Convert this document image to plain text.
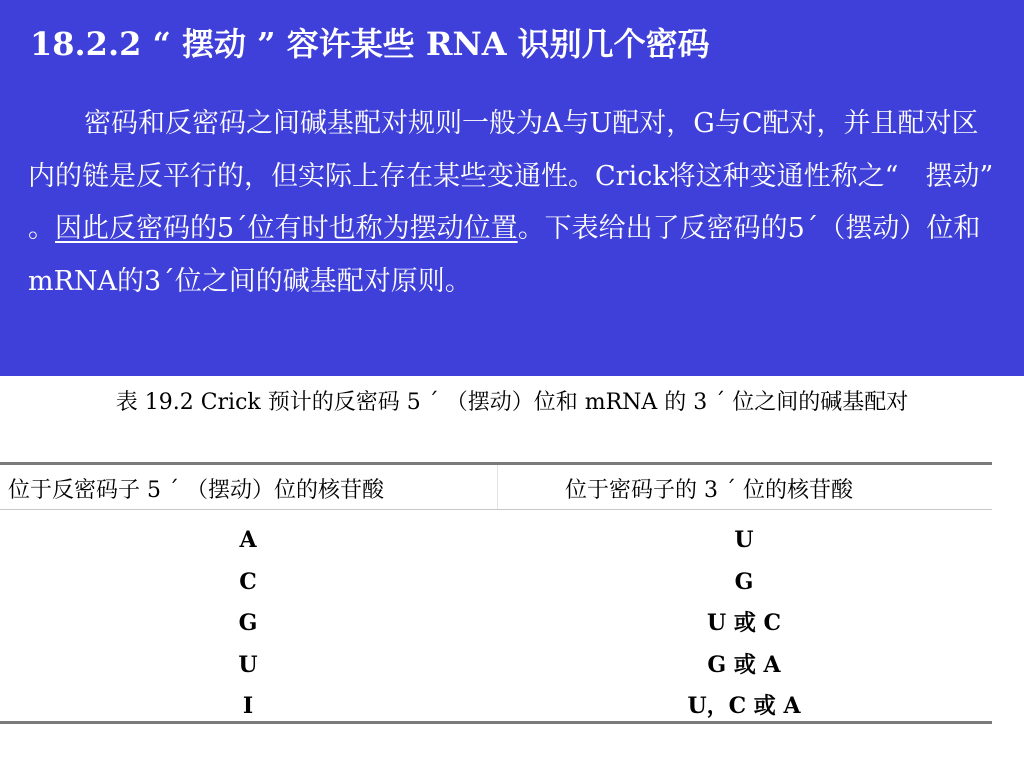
18.2.2 “ 摆动 ” 容许某些 RNA 识别几个密码
密码和反密码之间碱基配对规则一般为A与U配对，G与C配对，并且配对区内的链是反平行的，但实际上存在某些变通性。Crick将这种变通性称之“　摆动” 。因此反密码的5´位有时也称为摆动位置。下表给出了反密码的5´（摆动）位和mRNA的3´位之间的碱基配对原则。
表 19.2 Crick 预计的反密码 5 ´ （摆动）位和 mRNA 的 3 ´ 位之间的碱基配对
位于反密码子 5 ´ （摆动）位的核苷酸	位于密码子的 3 ´ 位的核苷酸
A
C
G
U
I
U
G
U 或 C
G 或 A
U，C 或 A
